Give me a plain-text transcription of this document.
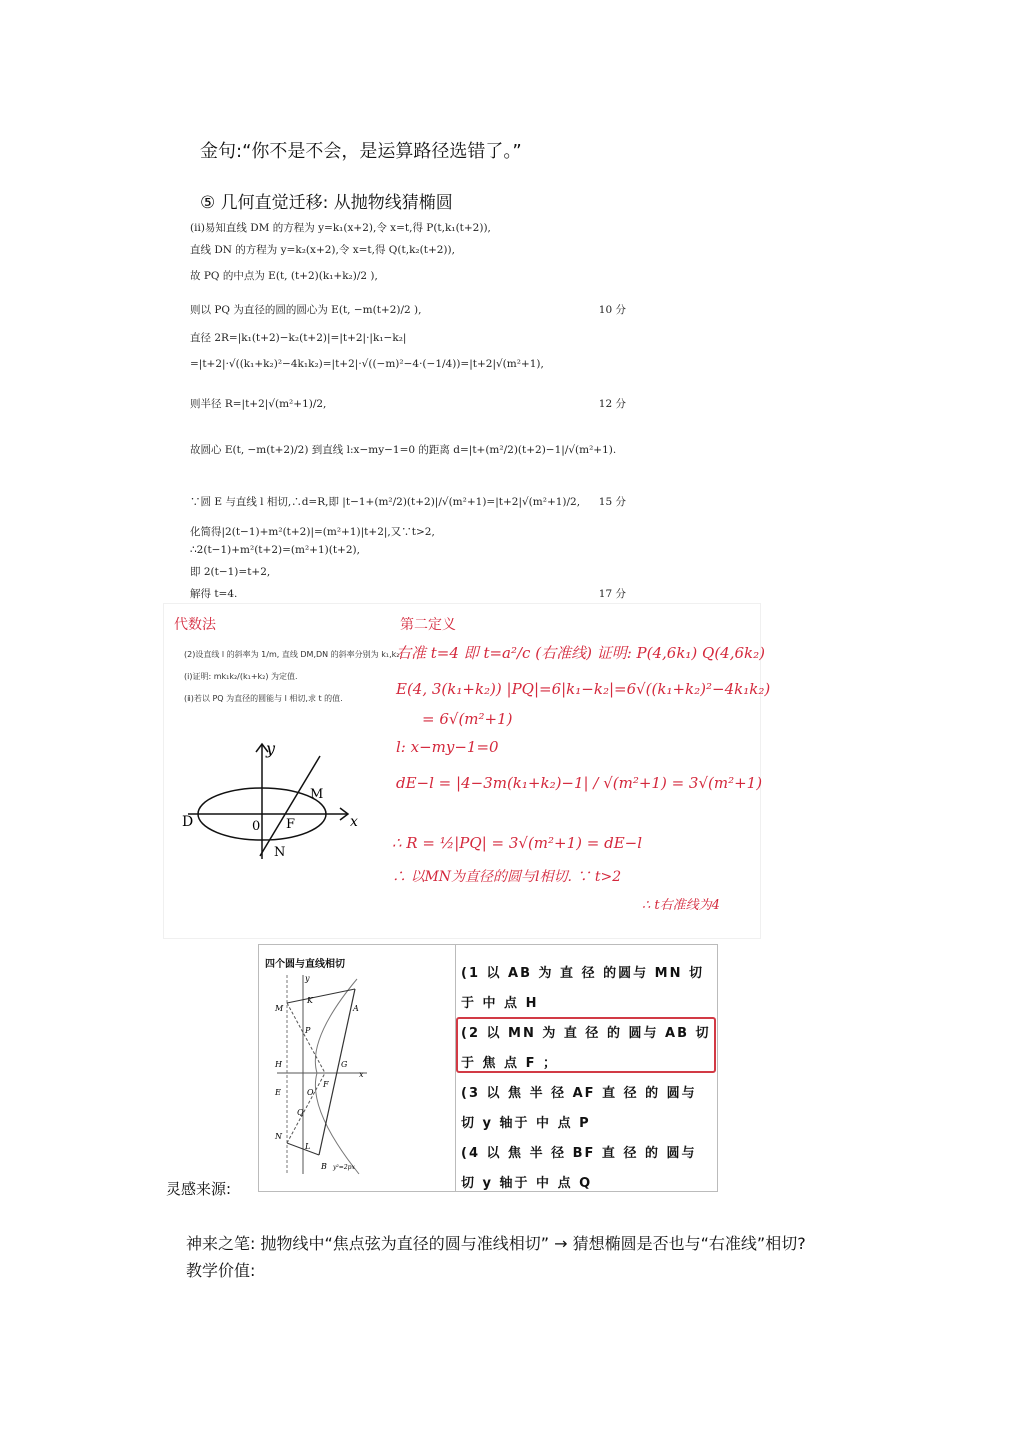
金句:“你不是不会，是运算路径选错了。”
⑤ 几何直觉迁移: 从抛物线猜椭圆
(ⅱ)易知直线 DM 的方程为 y=k₁(x+2),令 x=t,得 P(t,k₁(t+2)),
直线 DN 的方程为 y=k₂(x+2),令 x=t,得 Q(t,k₂(t+2)),
故 PQ 的中点为 E(t, (t+2)(k₁+k₂)/2 ),
则以 PQ 为直径的圆的圆心为 E(t, −m(t+2)/2 ),	10 分
直径 2R=|k₁(t+2)−k₂(t+2)|=|t+2|·|k₁−k₂|
=|t+2|·√((k₁+k₂)²−4k₁k₂)=|t+2|·√((−m)²−4·(−1/4))=|t+2|√(m²+1),
则半径 R=|t+2|√(m²+1)/2,	12 分
故圆心 E(t, −m(t+2)/2) 到直线 l:x−my−1=0 的距离 d=|t+(m²/2)(t+2)−1|/√(m²+1).
∵圆 E 与直线 l 相切,∴d=R,即 |t−1+(m²/2)(t+2)|/√(m²+1)=|t+2|√(m²+1)/2, 15 分
化简得|2(t−1)+m²(t+2)|=(m²+1)|t+2|,又∵t>2,
∴2(t−1)+m²(t+2)=(m²+1)(t+2),
即 2(t−1)=t+2,
解得 t=4.	17 分
代数法	第二定义
(2)设直线 l 的斜率为 1/m, 直线 DM,DN 的斜率分别为 k₁,k₂.
(ⅰ)证明: mk₁k₂/(k₁+k₂) 为定值.
(ⅱ)若以 PQ 为直径的圆能与 l 相切,求 t 的值.
y
x
D	0 F
M
N
右准 t=4 即 t=a²/c (右准线) 证明: P(4,6k₁) Q(4,6k₂)
E(4, 3(k₁+k₂)) |PQ|=6|k₁−k₂|=6√((k₁+k₂)²−4k₁k₂)
= 6√(m²+1)
l: x−my−1=0
dE−l = |4−3m(k₁+k₂)−1| / √(m²+1) = 3√(m²+1)
∴ R = ½|PQ| = 3√(m²+1) = dE−l
∴ 以MN为直径的圆与l相切. ∵ t>2
∴ t右准线为4
四个圆与直线相切
y
K
A
M
P
H
F
G
x
E	O
Q
N
L
B y²=2px
(1 以 AB 为 直 径 的圆与 MN 切于 中 点 H
(2 以 MN 为 直 径 的 圆与 AB 切 于 焦 点 F ；
(3 以 焦 半 径 AF 直 径 的 圆与 切 y 轴于 中 点 P
(4 以 焦 半 径 BF 直 径 的 圆与 切 y 轴于 中 点 Q
灵感来源:
神来之笔: 抛物线中“焦点弦为直径的圆与准线相切” → 猜想椭圆是否也与“右准线”相切?
教学价值:
